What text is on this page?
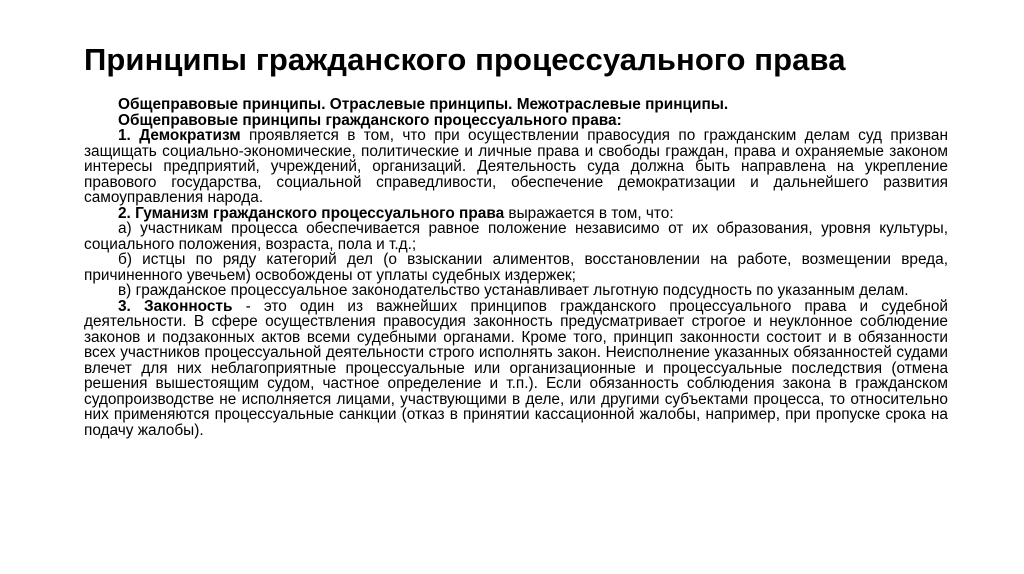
Принципы гражданского процессуального права

Общеправовые принципы. Отраслевые принципы. Межотраслевые принципы.

Общеправовые принципы гражданского процессуального права:

1. Демократизм проявляется в том, что при осуществлении правосудия по гражданским делам суд призван защищать социально-экономические, политические и личные права и свободы граждан, права и охраняемые законом интересы предприятий, учреждений, организаций. Деятельность суда должна быть направлена на укрепление правового государства, социальной справедливости, обеспечение демократизации и дальнейшего развития самоуправления народа.

2. Гуманизм гражданского процессуального права выражается в том, что:

а) участникам процесса обеспечивается равное положение независимо от их образования, уровня культуры, социального положения, возраста, пола и т.д.;

б) истцы по ряду категорий дел (о взыскании алиментов, восстановлении на работе, возмещении вреда, причиненного увечьем) освобождены от уплаты судебных издержек;

в) гражданское процессуальное законодательство устанавливает льготную подсудность по указанным делам.

3. Законность - это один из важнейших принципов гражданского процессуального права и судебной деятельности. В сфере осуществления правосудия законность предусматривает строгое и неуклонное соблюдение законов и подзаконных актов всеми судебными органами. Кроме того, принцип законности состоит и в обязанности всех участников процессуальной деятельности строго исполнять закон. Неисполнение указанных обязанностей судами влечет для них неблагоприятные процессуальные или организационные и процессуальные последствия (отмена решения вышестоящим судом, частное определение и т.п.). Если обязанность соблюдения закона в гражданском судопроизводстве не исполняется лицами, участвующими в деле, или другими субъектами процесса, то относительно них применяются процессуальные санкции (отказ в принятии кассационной жалобы, например, при пропуске срока на подачу жалобы).
